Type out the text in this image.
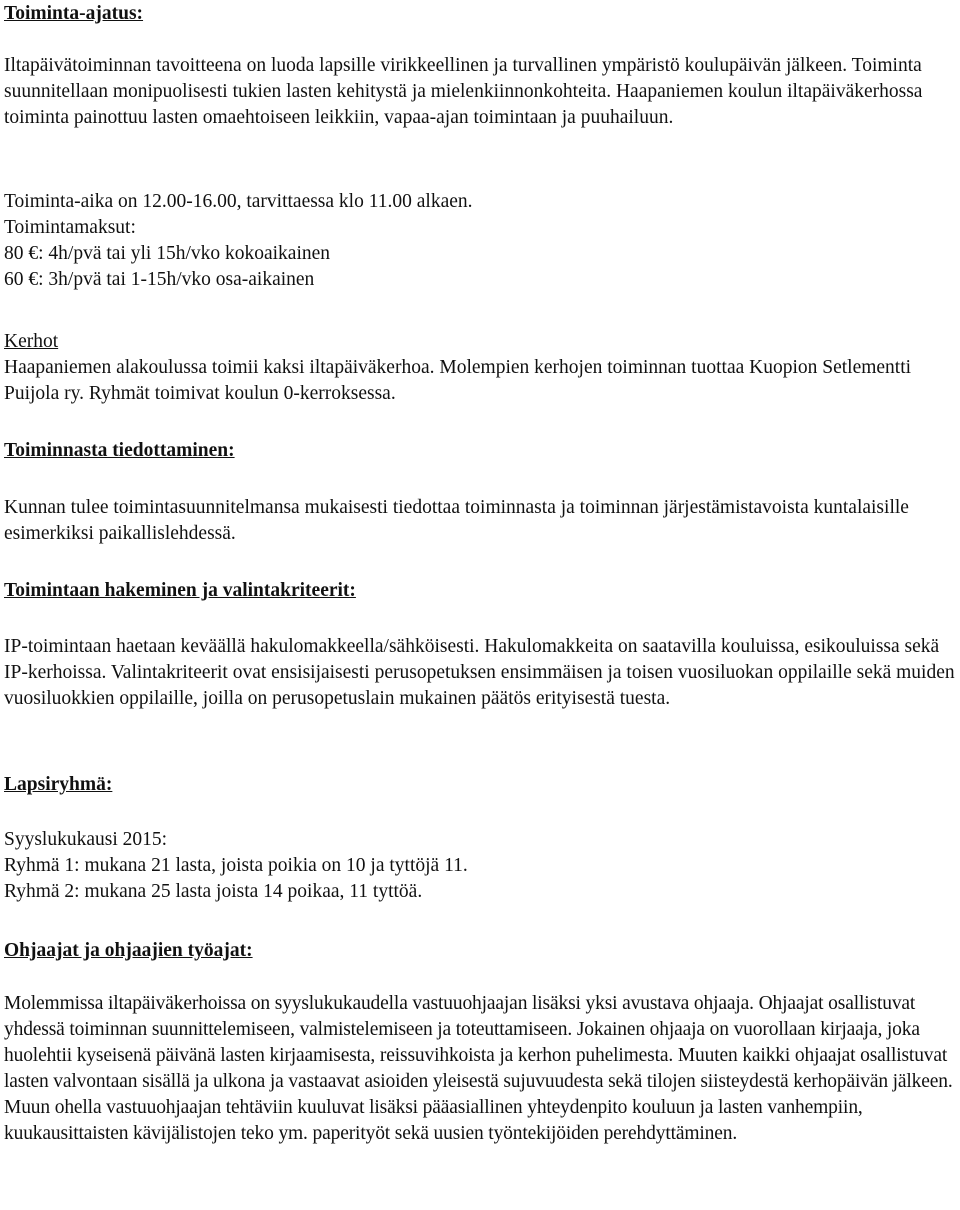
Toiminta-ajatus:

Iltapäivätoiminnan tavoitteena on luoda lapsille virikkeellinen ja turvallinen ympäristö koulupäivän jälkeen. Toiminta suunnitellaan monipuolisesti tukien lasten kehitystä ja mielenkiinnonkohteita. Haapaniemen koulun iltapäiväkerhossa toiminta painottuu lasten omaehtoiseen leikkiin, vapaa-ajan toimintaan ja puuhailuun.

Toiminta-aika on 12.00-16.00, tarvittaessa klo 11.00 alkaen.
Toimintamaksut:
80 €: 4h/pvä tai yli 15h/vko kokoaikainen
60 €: 3h/pvä tai 1-15h/vko osa-aikainen
Kerhot

Haapaniemen alakoulussa toimii kaksi iltapäiväkerhoa. Molempien kerhojen toiminnan tuottaa Kuopion Setlementti Puijola ry. Ryhmät toimivat koulun 0-kerroksessa.

Toiminnasta tiedottaminen:

Kunnan tulee toimintasuunnitelmansa mukaisesti tiedottaa toiminnasta ja toiminnan järjestämistavoista kuntalaisille esimerkiksi paikallislehdessä.

Toimintaan hakeminen ja valintakriteerit:

IP-toimintaan haetaan keväällä hakulomakkeella/sähköisesti. Hakulomakkeita on saatavilla kouluissa, esikouluissa sekä IP-kerhoissa. Valintakriteerit ovat ensisijaisesti perusopetuksen ensimmäisen ja toisen vuosiluokan oppilaille sekä muiden vuosiluokkien oppilaille, joilla on perusopetuslain mukainen päätös erityisestä tuesta.

Lapsiryhmä:
Syyslukukausi 2015:
Ryhmä 1: mukana 21 lasta, joista poikia on 10 ja tyttöjä 11.
Ryhmä 2: mukana 25 lasta joista 14 poikaa, 11 tyttöä.
Ohjaajat ja ohjaajien työajat:

Molemmissa iltapäiväkerhoissa on syyslukukaudella vastuuohjaajan lisäksi yksi avustava ohjaaja. Ohjaajat osallistuvat yhdessä toiminnan suunnittelemiseen, valmistelemiseen ja toteuttamiseen. Jokainen ohjaaja on vuorollaan kirjaaja, joka huolehtii kyseisenä päivänä lasten kirjaamisesta, reissuvihkoista ja kerhon puhelimesta. Muuten kaikki ohjaajat osallistuvat lasten valvontaan sisällä ja ulkona ja vastaavat asioiden yleisestä sujuvuudesta sekä tilojen siisteydestä kerhopäivän jälkeen. Muun ohella vastuuohjaajan tehtäviin kuuluvat lisäksi pääasiallinen yhteydenpito kouluun ja lasten vanhempiin, kuukausittaisten kävijälistojen teko ym. paperityöt sekä uusien työntekijöiden perehdyttäminen.
